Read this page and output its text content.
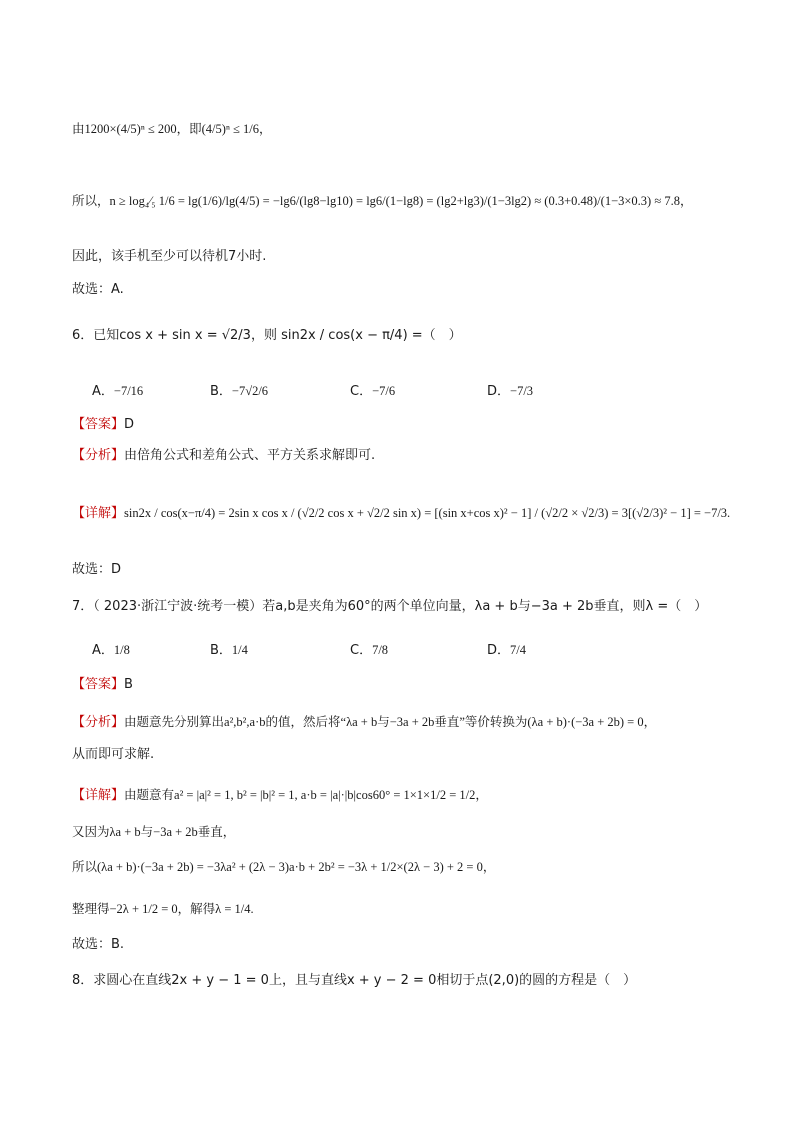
由1200×(4/5)ⁿ ≤ 200，即(4/5)ⁿ ≤ 1/6，
所以，n ≥ log₄⁄₅ 1/6 = lg(1/6)/lg(4/5) = −lg6/(lg8−lg10) = lg6/(1−lg8) = (lg2+lg3)/(1−3lg2) ≈ (0.3+0.48)/(1−3×0.3) ≈ 7.8，
因此，该手机至少可以待机7小时.
故选：A.
6．已知cos x + sin x = √2/3，则 sin2x / cos(x − π/4) =（　）
A．−7/16	B．−7√2/6	C．−7/6	D．−7/3
【答案】D
【分析】由倍角公式和差角公式、平方关系求解即可.
【详解】sin2x / cos(x−π/4) = 2sin x cos x / (√2/2 cos x + √2/2 sin x) = [(sin x+cos x)² − 1] / (√2/2 × √2/3) = 3[(√2/3)² − 1] = −7/3.
故选：D
7．（ 2023·浙江宁波·统考一模）若a,b是夹角为60°的两个单位向量，λa + b与−3a + 2b垂直，则λ =（　）
A．1/8	B．1/4	C．7/8	D．7/4
【答案】B
【分析】由题意先分别算出a²,b²,a·b的值，然后将“λa + b与−3a + 2b垂直”等价转换为(λa + b)·(−3a + 2b) = 0，
从而即可求解.
【详解】由题意有a² = |a|² = 1, b² = |b|² = 1, a·b = |a|·|b|cos60° = 1×1×1/2 = 1/2，
又因为λa + b与−3a + 2b垂直，
所以(λa + b)·(−3a + 2b) = −3λa² + (2λ − 3)a·b + 2b² = −3λ + 1/2×(2λ − 3) + 2 = 0，
整理得−2λ + 1/2 = 0，解得λ = 1/4.
故选：B.
8．求圆心在直线2x + y − 1 = 0上，且与直线x + y − 2 = 0相切于点(2,0)的圆的方程是（　）
